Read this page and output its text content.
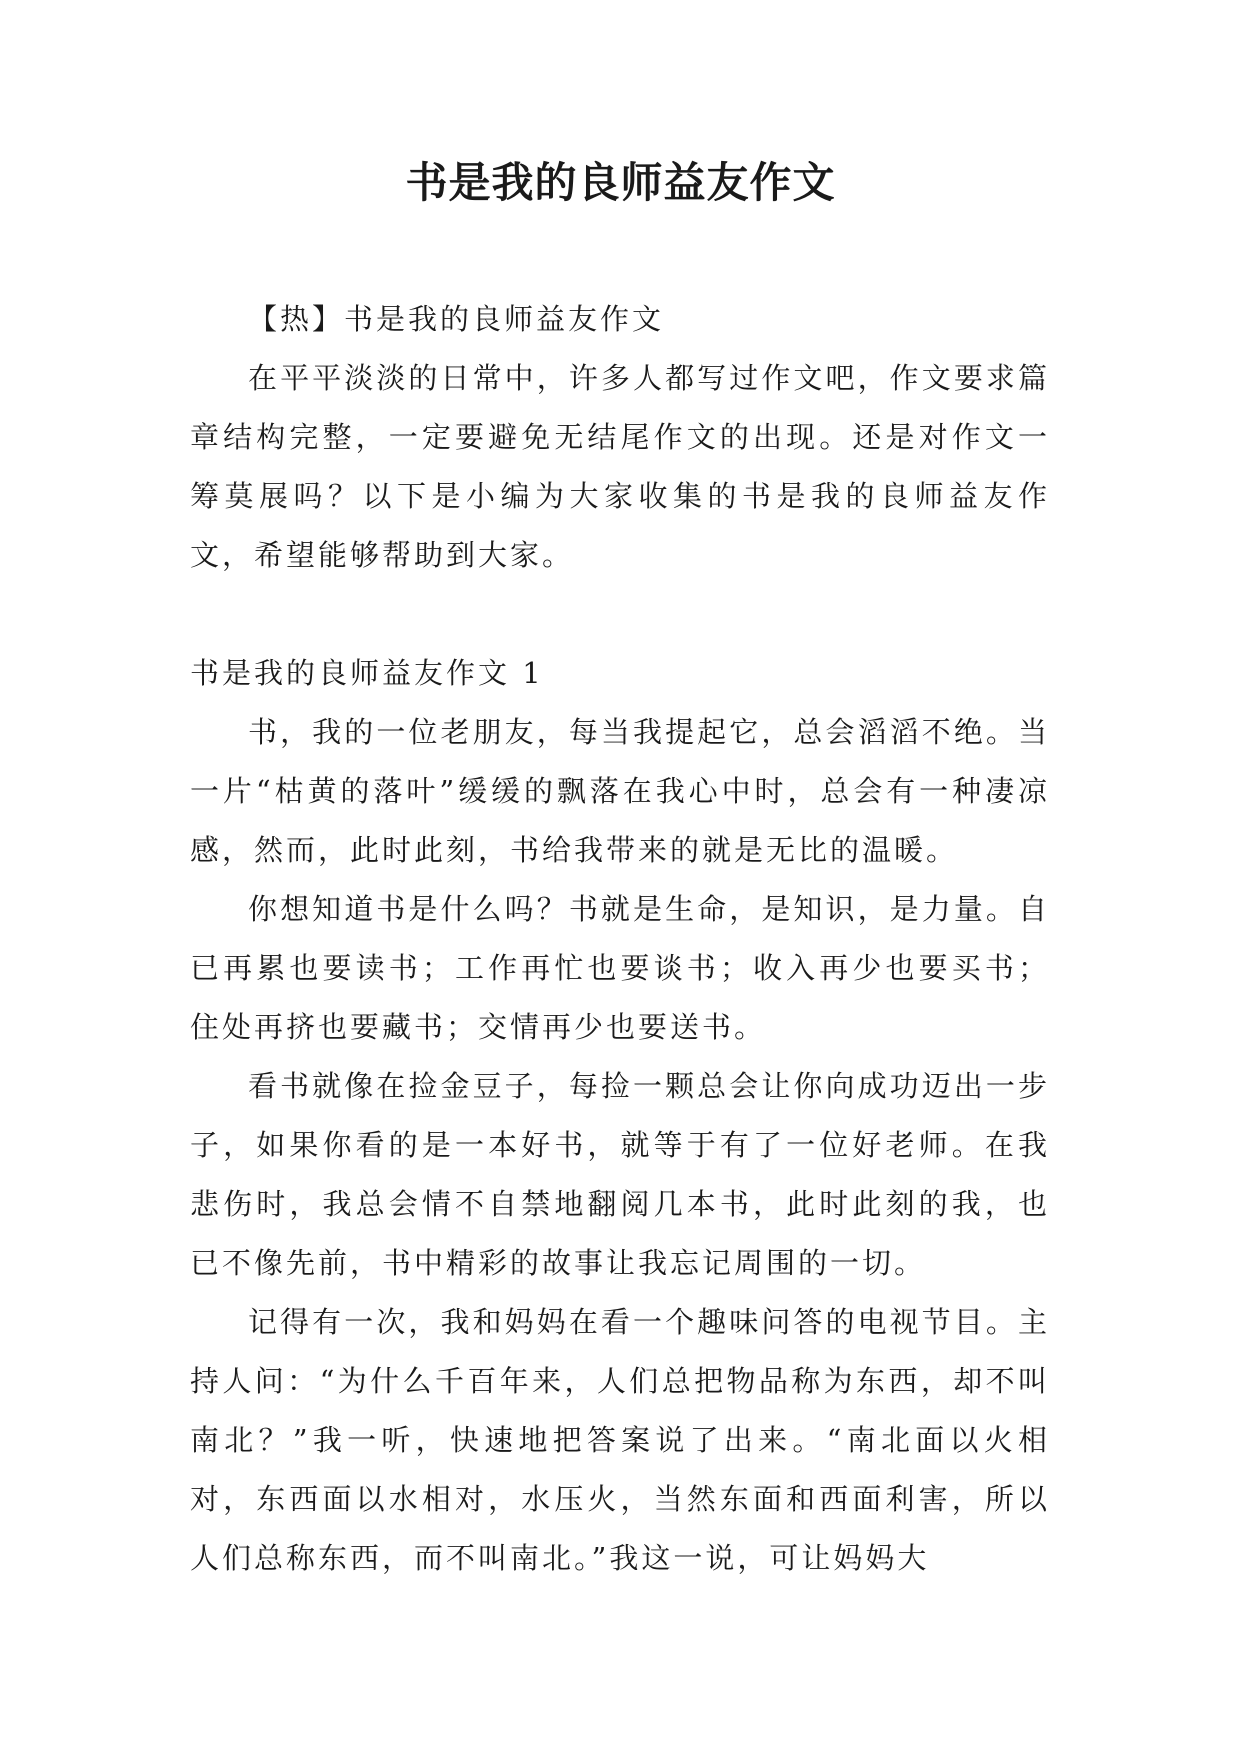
书是我的良师益友作文

【热】书是我的良师益友作文

在平平淡淡的日常中，许多人都写过作文吧，作文要求篇章结构完整，一定要避免无结尾作文的出现。还是对作文一筹莫展吗？以下是小编为大家收集的书是我的良师益友作文，希望能够帮助到大家。

书是我的良师益友作文 1

书，我的一位老朋友，每当我提起它，总会滔滔不绝。当一片“枯黄的落叶”缓缓的飘落在我心中时，总会有一种凄凉感，然而，此时此刻，书给我带来的就是无比的温暖。

你想知道书是什么吗？书就是生命，是知识，是力量。自已再累也要读书；工作再忙也要谈书；收入再少也要买书；住处再挤也要藏书；交情再少也要送书。

看书就像在捡金豆子，每捡一颗总会让你向成功迈出一步子，如果你看的是一本好书，就等于有了一位好老师。在我悲伤时，我总会情不自禁地翻阅几本书，此时此刻的我，也已不像先前，书中精彩的故事让我忘记周围的一切。

记得有一次，我和妈妈在看一个趣味问答的电视节目。主持人问：“为什么千百年来，人们总把物品称为东西，却不叫南北？”我一听，快速地把答案说了出来。“南北面以火相对，东西面以水相对，水压火，当然东面和西面利害，所以人们总称东西，而不叫南北。”我这一说，可让妈妈大
